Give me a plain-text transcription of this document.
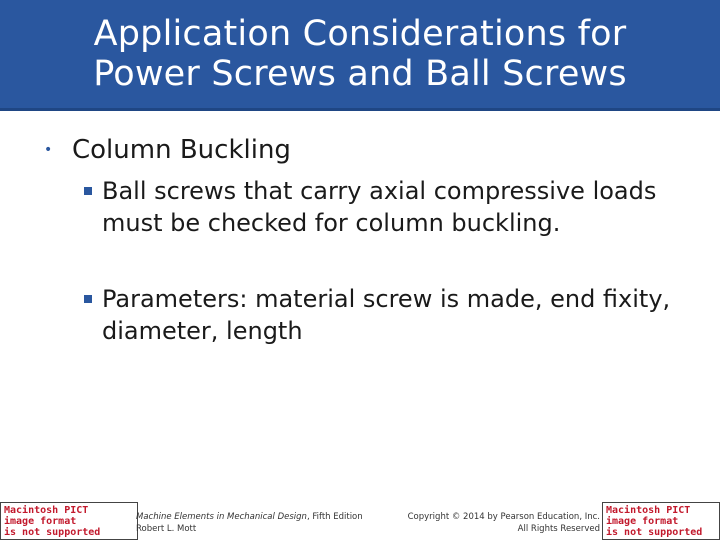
Application Considerations for
Power Screws and Ball Screws
• Column Buckling
Ball screws that carry axial compressive loads must be checked for column buckling.
Parameters: material screw is made, end fixity, diameter, length
Macintosh PICT
image format
is not supported
Machine Elements in Mechanical Design, Fifth Edition
Robert L. Mott
Copyright © 2014 by Pearson Education, Inc.
All Rights Reserved
Macintosh PICT
image format
is not supported
